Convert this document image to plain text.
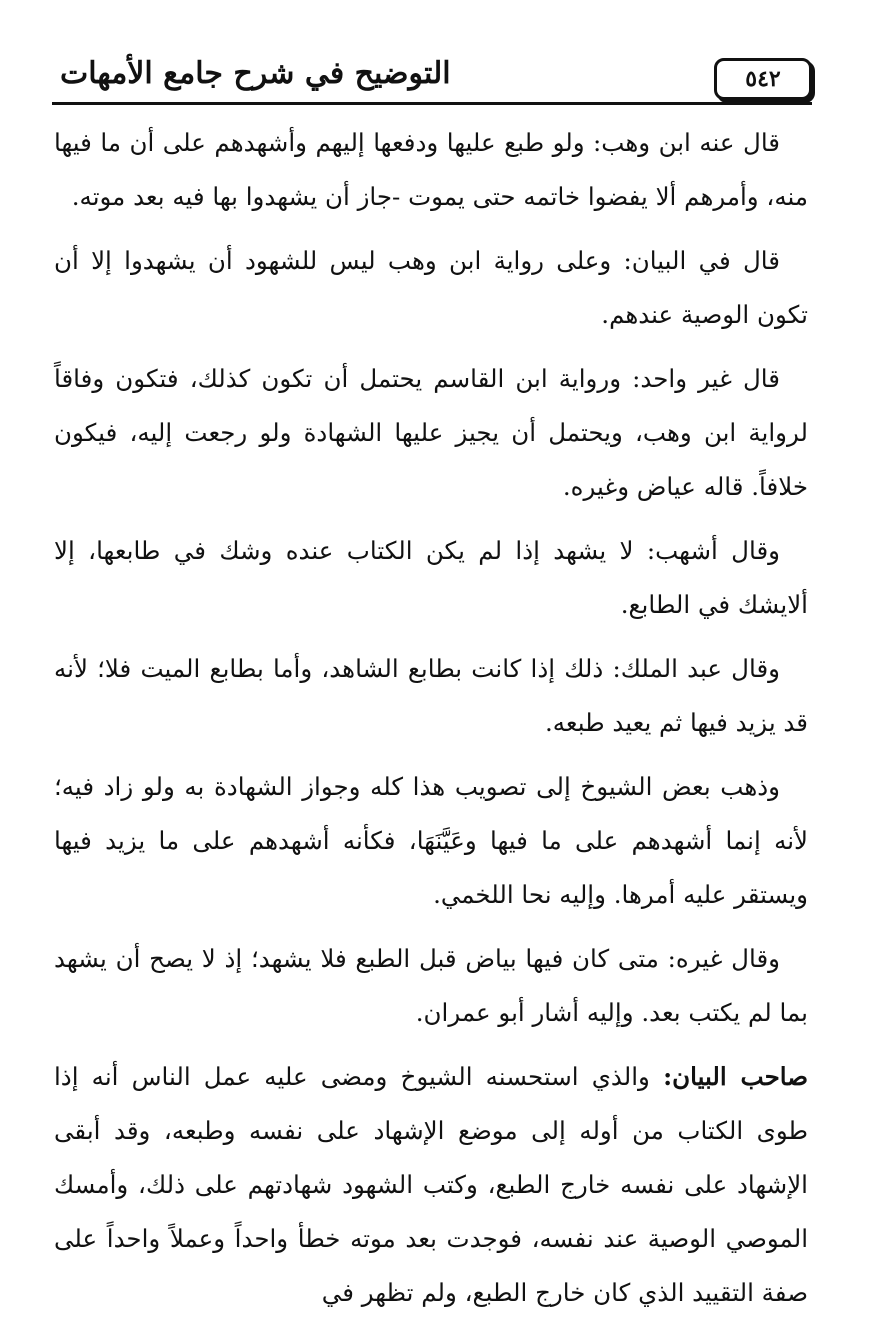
٥٤٢
التوضيح في شرح جامع الأمهات

قال عنه ابن وهب: ولو طبع عليها ودفعها إليهم وأشهدهم على أن ما فيها منه، وأمرهم ألا يفضوا خاتمه حتى يموت -جاز أن يشهدوا بها فيه بعد موته.

قال في البيان: وعلى رواية ابن وهب ليس للشهود أن يشهدوا إلا أن تكون الوصية عندهم.

قال غير واحد: ورواية ابن القاسم يحتمل أن تكون كذلك، فتكون وفاقاً لرواية ابن وهب، ويحتمل أن يجيز عليها الشهادة ولو رجعت إليه، فيكون خلافاً. قاله عياض وغيره.

وقال أشهب: لا يشهد إذا لم يكن الكتاب عنده وشك في طابعها، إلا ألايشك في الطابع.

وقال عبد الملك: ذلك إذا كانت بطابع الشاهد، وأما بطابع الميت فلا؛ لأنه قد يزيد فيها ثم يعيد طبعه.

وذهب بعض الشيوخ إلى تصويب هذا كله وجواز الشهادة به ولو زاد فيه؛ لأنه إنما أشهدهم على ما فيها وعَيَّنَهَا، فكأنه أشهدهم على ما يزيد فيها ويستقر عليه أمرها. وإليه نحا اللخمي.

وقال غيره: متى كان فيها بياض قبل الطبع فلا يشهد؛ إذ لا يصح أن يشهد بما لم يكتب بعد. وإليه أشار أبو عمران.

صاحب البيان: والذي استحسنه الشيوخ ومضى عليه عمل الناس أنه إذا طوى الكتاب من أوله إلى موضع الإشهاد على نفسه وطبعه، وقد أبقى الإشهاد على نفسه خارج الطبع، وكتب الشهود شهادتهم على ذلك، وأمسك الموصي الوصية عند نفسه، فوجدت بعد موته خطأ واحداً وعملاً واحداً على صفة التقييد الذي كان خارج الطبع، ولم تظهر في
